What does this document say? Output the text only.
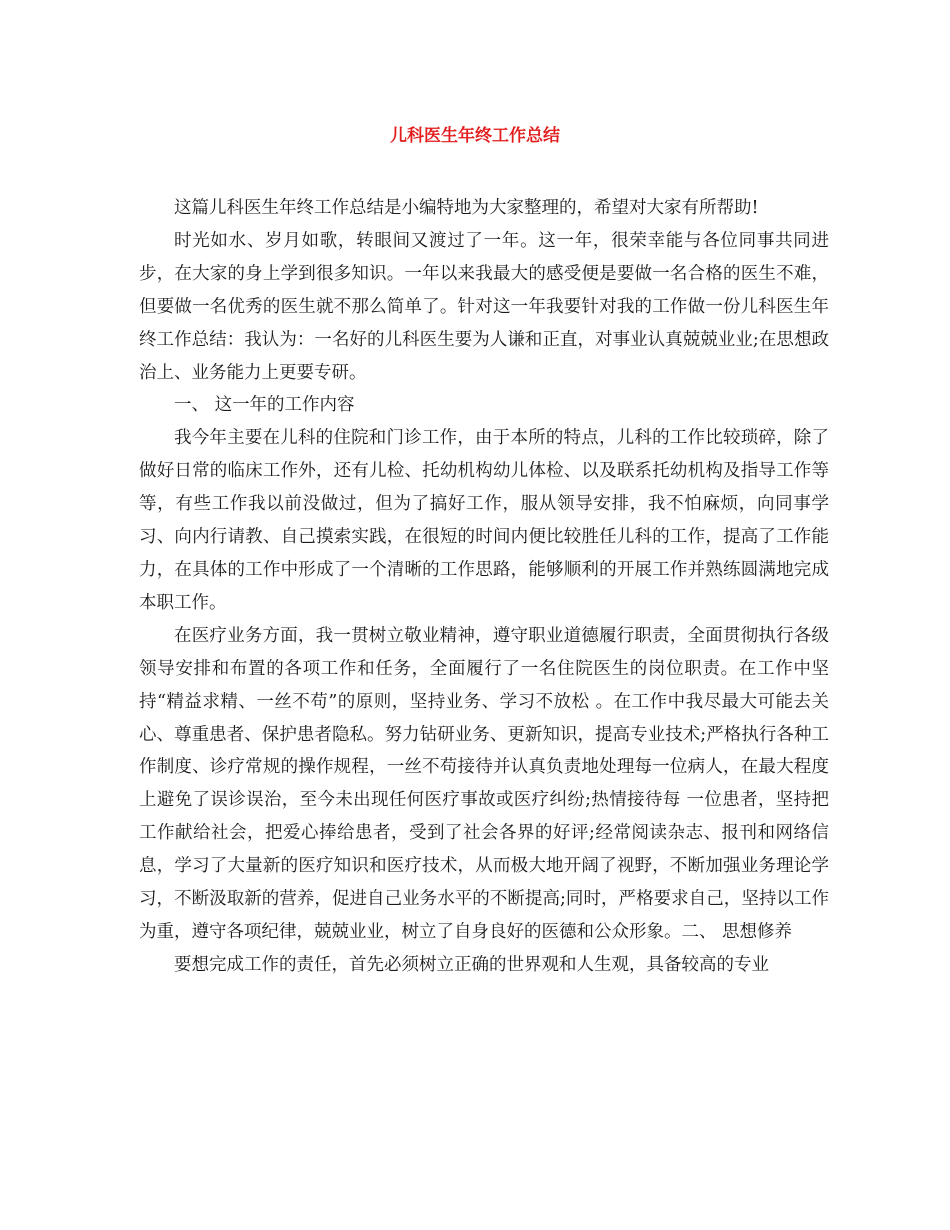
儿科医生年终工作总结

这篇儿科医生年终工作总结是小编特地为大家整理的，希望对大家有所帮助!

时光如水、岁月如歌，转眼间又渡过了一年。这一年，很荣幸能与各位同事共同进步，在大家的身上学到很多知识。一年以来我最大的感受便是要做一名合格的医生不难，但要做一名优秀的医生就不那么简单了。针对这一年我要针对我的工作做一份儿科医生年终工作总结：我认为：一名好的儿科医生要为人谦和正直，对事业认真兢兢业业;在思想政治上、业务能力上更要专研。

一、 这一年的工作内容

我今年主要在儿科的住院和门诊工作，由于本所的特点，儿科的工作比较琐碎，除了做好日常的临床工作外，还有儿检、托幼机构幼儿体检、以及联系托幼机构及指导工作等等，有些工作我以前没做过，但为了搞好工作，服从领导安排，我不怕麻烦，向同事学习、向内行请教、自己摸索实践，在很短的时间内便比较胜任儿科的工作，提高了工作能力，在具体的工作中形成了一个清晰的工作思路，能够顺利的开展工作并熟练圆满地完成本职工作。

在医疗业务方面，我一贯树立敬业精神，遵守职业道德履行职责，全面贯彻执行各级领导安排和布置的各项工作和任务，全面履行了一名住院医生的岗位职责。在工作中坚持“精益求精、一丝不苟”的原则，坚持业务、学习不放松 。在工作中我尽最大可能去关心、尊重患者、保护患者隐私。努力钻研业务、更新知识，提高专业技术;严格执行各种工作制度、诊疗常规的操作规程，一丝不苟接待并认真负责地处理每一位病人，在最大程度上避免了误诊误治，至今未出现任何医疗事故或医疗纠纷;热情接待每 一位患者，坚持把工作献给社会，把爱心捧给患者，受到了社会各界的好评;经常阅读杂志、报刊和网络信息，学习了大量新的医疗知识和医疗技术，从而极大地开阔了视野，不断加强业务理论学习，不断汲取新的营养，促进自己业务水平的不断提高;同时，严格要求自己，坚持以工作为重，遵守各项纪律，兢兢业业，树立了自身良好的医德和公众形象。二、 思想修养

要想完成工作的责任，首先必须树立正确的世界观和人生观，具备较高的专业
